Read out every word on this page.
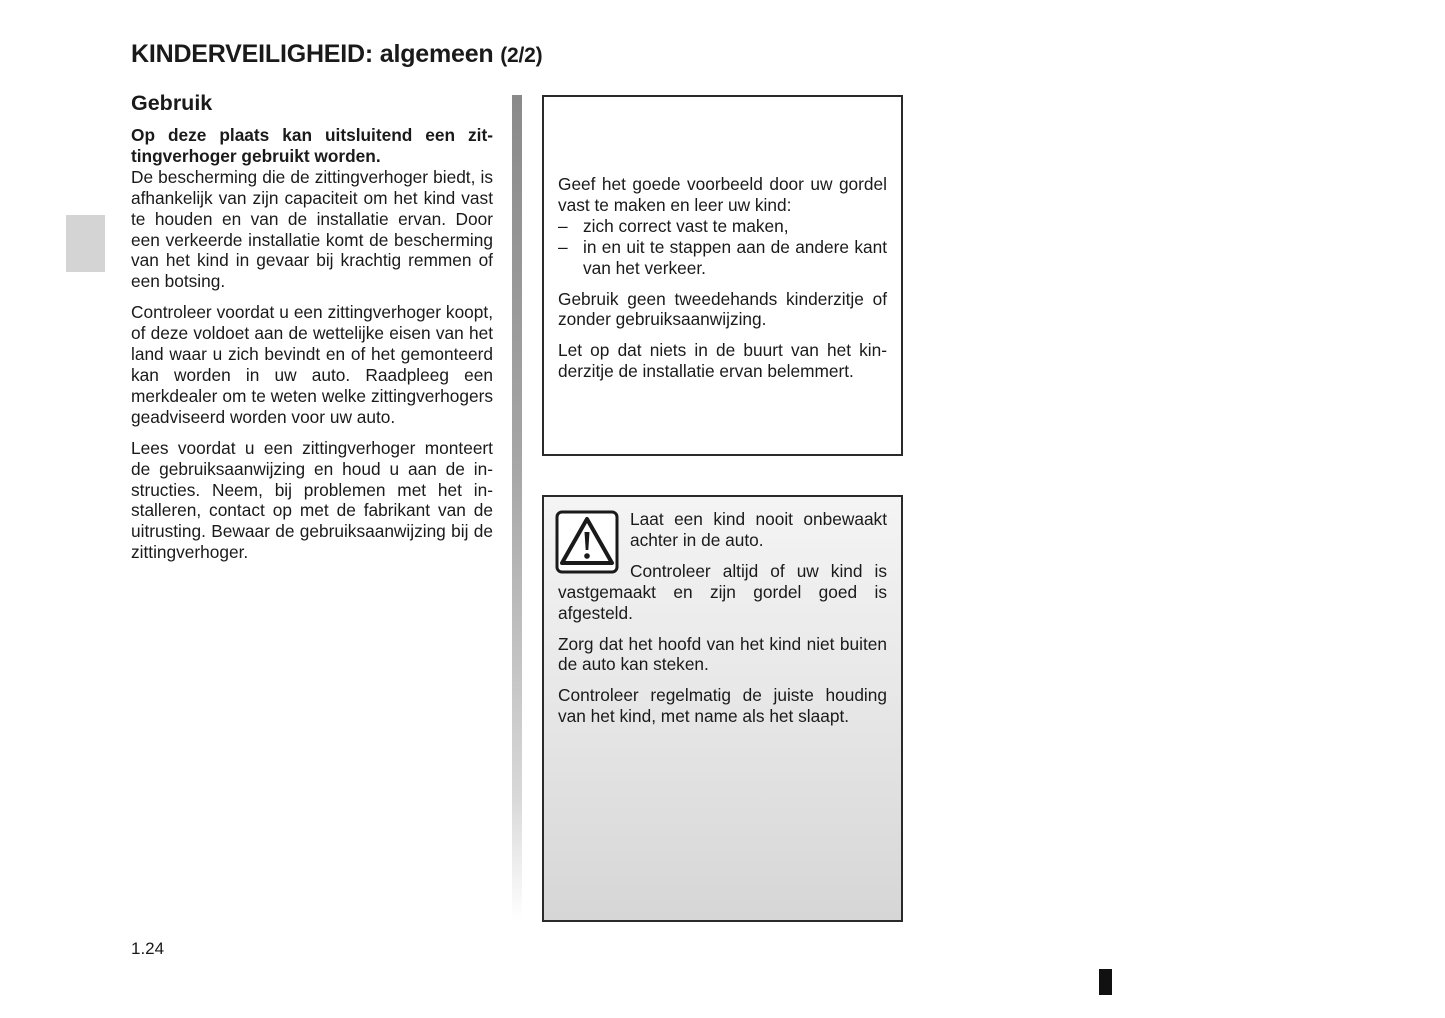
KINDERVEILIGHEID: algemeen (2/2)
Gebruik

Op deze plaats kan uitsluitend een zit-tingverhoger gebruikt worden.

De bescherming die de zittingverhoger biedt, is afhankelijk van zijn capaciteit om het kind vast te houden en van de installatie ervan. Door een verkeerde installatie komt de bescherming van het kind in gevaar bij krachtig remmen of een botsing.

Controleer voordat u een zittingverhoger koopt, of deze voldoet aan de wettelijke eisen van het land waar u zich bevindt en of het gemonteerd kan worden in uw auto. Raadpleeg een merkdealer om te weten welke zittingverhogers geadviseerd worden voor uw auto.

Lees voordat u een zittingverhoger monteert de gebruiksaanwijzing en houd u aan de in-structies. Neem, bij problemen met het in-stalleren, contact op met de fabrikant van de uitrusting. Bewaar de gebruiksaanwijzing bij de zittingverhoger.

Geef het goede voorbeeld door uw gordel vast te maken en leer uw kind:

– zich correct vast te maken,
– in en uit te stappen aan de andere kant van het verkeer.

Gebruik geen tweedehands kinderzitje of zonder gebruiksaanwijzing.

Let op dat niets in de buurt van het kin-derzitje de installatie ervan belemmert.

Laat een kind nooit onbewaakt achter in de auto.

Controleer altijd of uw kind is vastgemaakt en zijn gordel goed is afgesteld.

Zorg dat het hoofd van het kind niet buiten de auto kan steken.

Controleer regelmatig de juiste houding van het kind, met name als het slaapt.

1.24
